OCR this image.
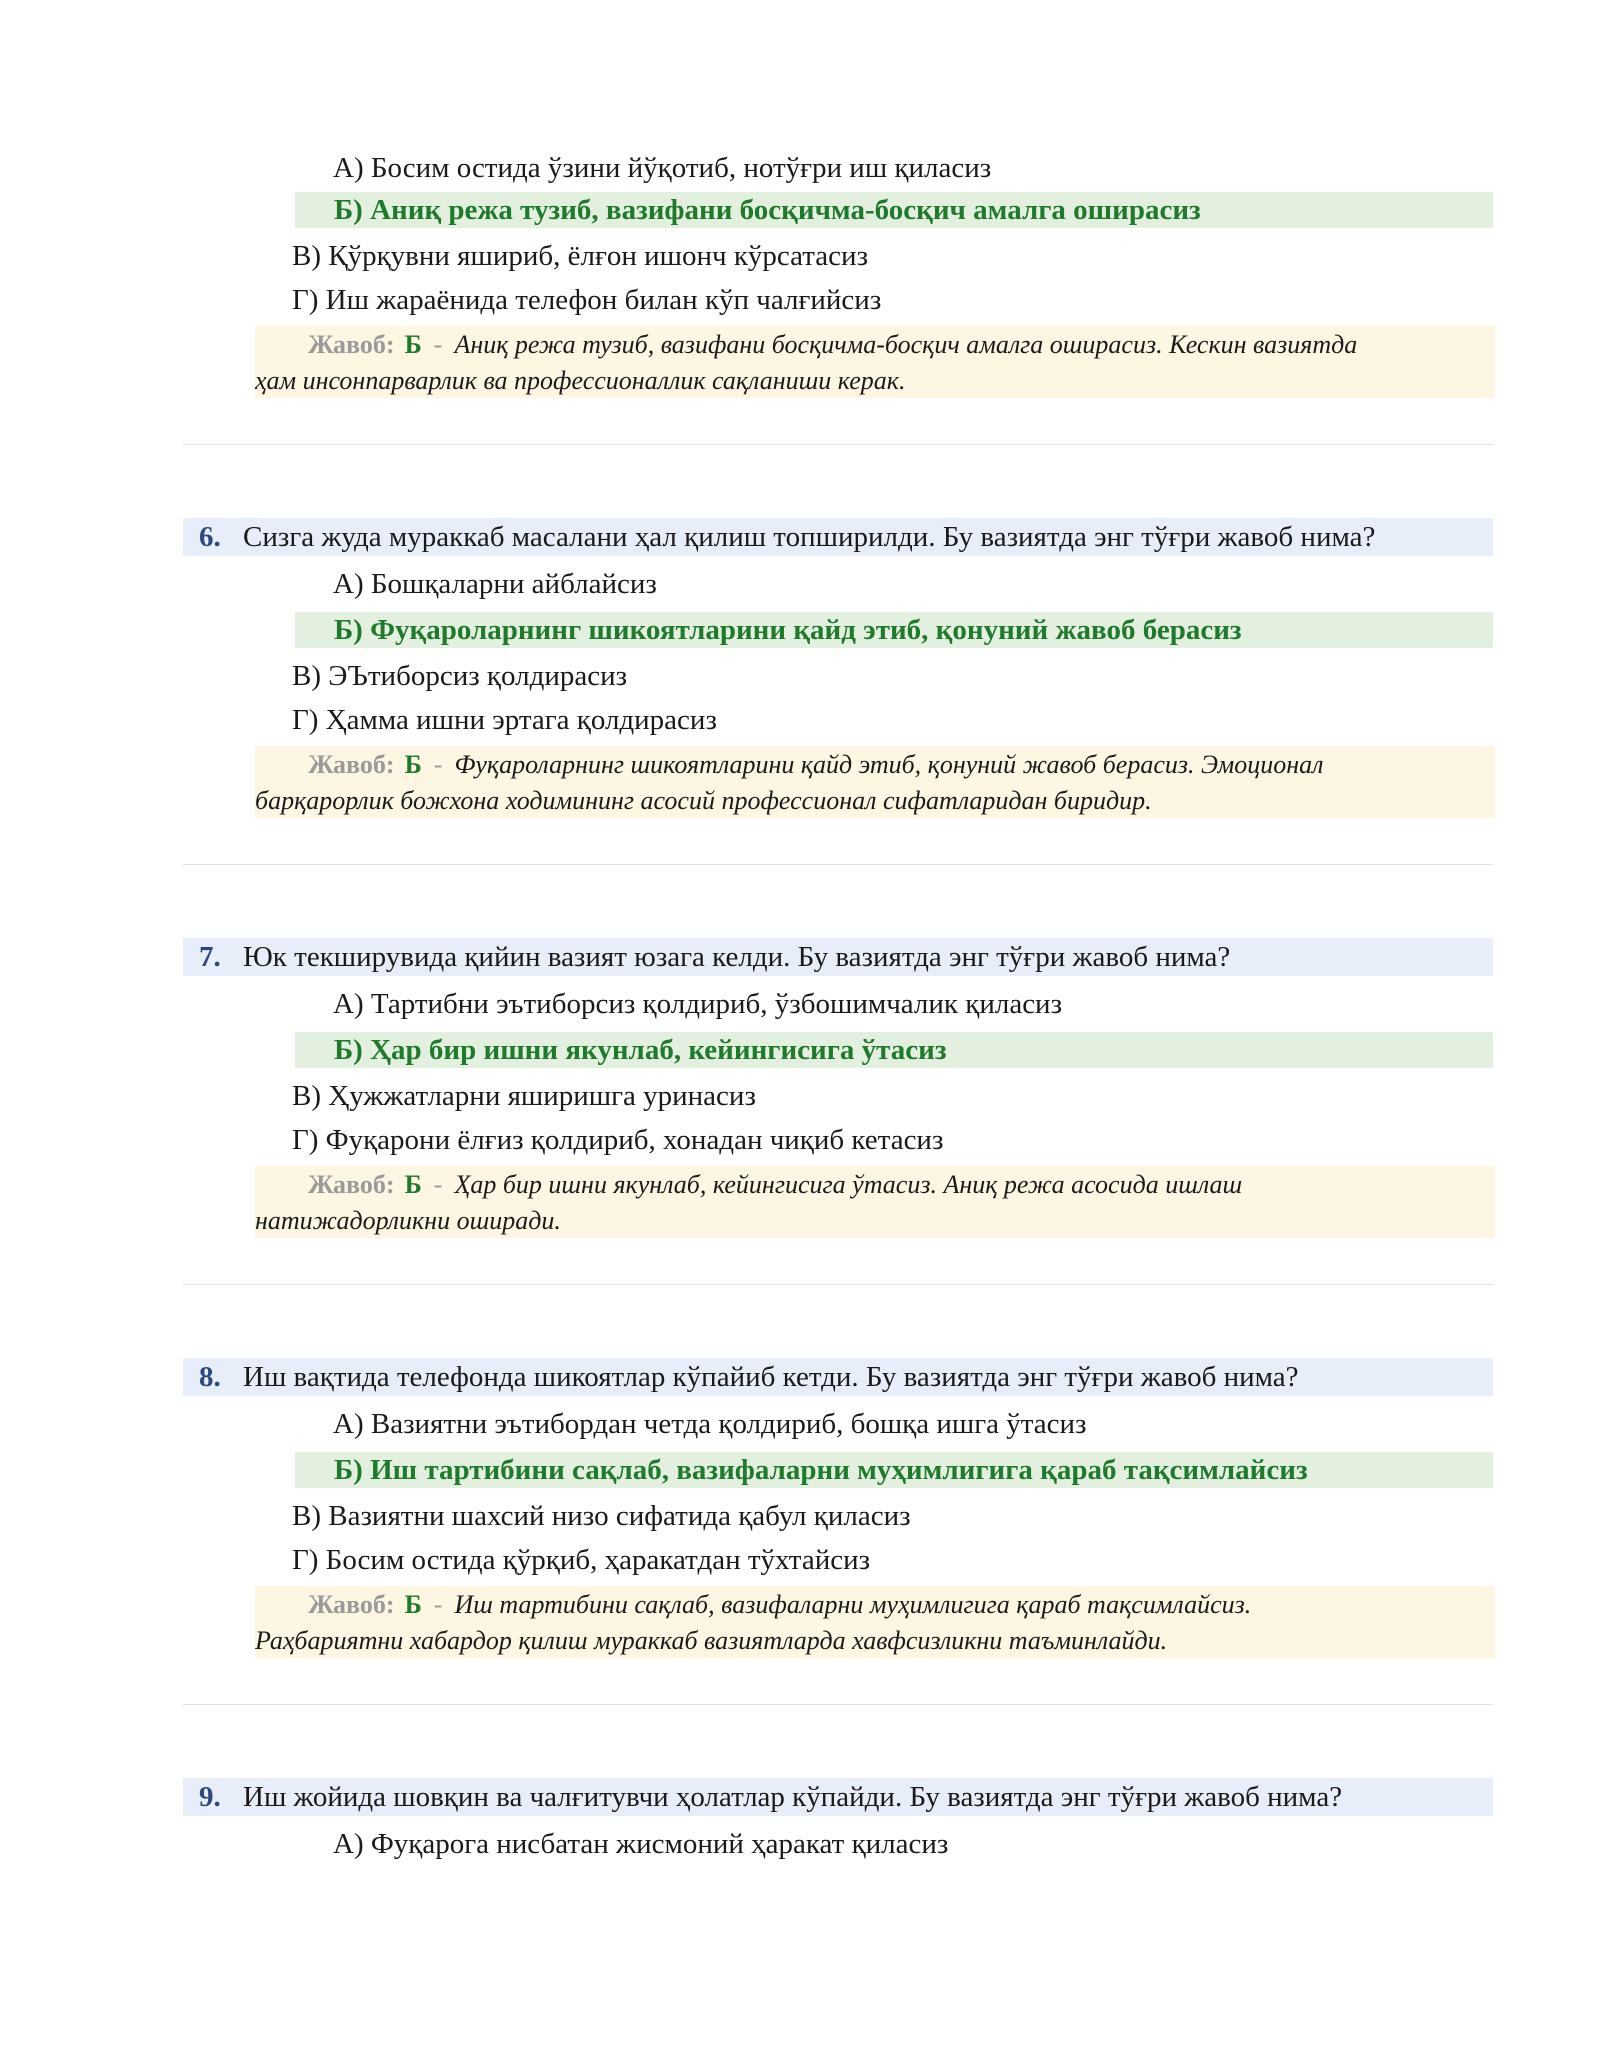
А) Босим остида ўзини йўқотиб, нотўғри иш қиласиз
Б) Аниқ режа тузиб, вазифани босқичма-босқич амалга оширасиз
В) Қўрқувни яшириб, ёлғон ишонч кўрсатасиз
Г) Иш жараёнида телефон билан кўп чалғийсиз
Жавоб: Б - Аниқ режа тузиб, вазифани босқичма-босқич амалга оширасиз. Кескин вазиятда
ҳам инсонпарварлик ва профессионаллик сақланиши керак.
6. Сизга жуда мураккаб масалани ҳал қилиш топширилди. Бу вазиятда энг тўғри жавоб нима?
А) Бошқаларни айблайсиз
Б) Фуқароларнинг шикоятларини қайд этиб, қонуний жавоб берасиз
В) ЭЪтиборсиз қолдирасиз
Г) Ҳамма ишни эртага қолдирасиз
Жавоб: Б - Фуқароларнинг шикоятларини қайд этиб, қонуний жавоб берасиз. Эмоционал
барқарорлик божхона ходимининг асосий профессионал сифатларидан биридир.
7. Юк текширувида қийин вазият юзага келди. Бу вазиятда энг тўғри жавоб нима?
А) Тартибни эътиборсиз қолдириб, ўзбошимчалик қиласиз
Б) Ҳар бир ишни якунлаб, кейингисига ўтасиз
В) Ҳужжатларни яширишга уринасиз
Г) Фуқарони ёлғиз қолдириб, хонадан чиқиб кетасиз
Жавоб: Б - Ҳар бир ишни якунлаб, кейингисига ўтасиз. Аниқ режа асосида ишлаш
натижадорликни оширади.
8. Иш вақтида телефонда шикоятлар кўпайиб кетди. Бу вазиятда энг тўғри жавоб нима?
А) Вазиятни эътибордан четда қолдириб, бошқа ишга ўтасиз
Б) Иш тартибини сақлаб, вазифаларни муҳимлигига қараб тақсимлайсиз
В) Вазиятни шахсий низо сифатида қабул қиласиз
Г) Босим остида қўрқиб, ҳаракатдан тўхтайсиз
Жавоб: Б - Иш тартибини сақлаб, вазифаларни муҳимлигига қараб тақсимлайсиз.
Раҳбариятни хабардор қилиш мураккаб вазиятларда хавфсизликни таъминлайди.
9. Иш жойида шовқин ва чалғитувчи ҳолатлар кўпайди. Бу вазиятда энг тўғри жавоб нима?
А) Фуқарога нисбатан жисмоний ҳаракат қиласиз
